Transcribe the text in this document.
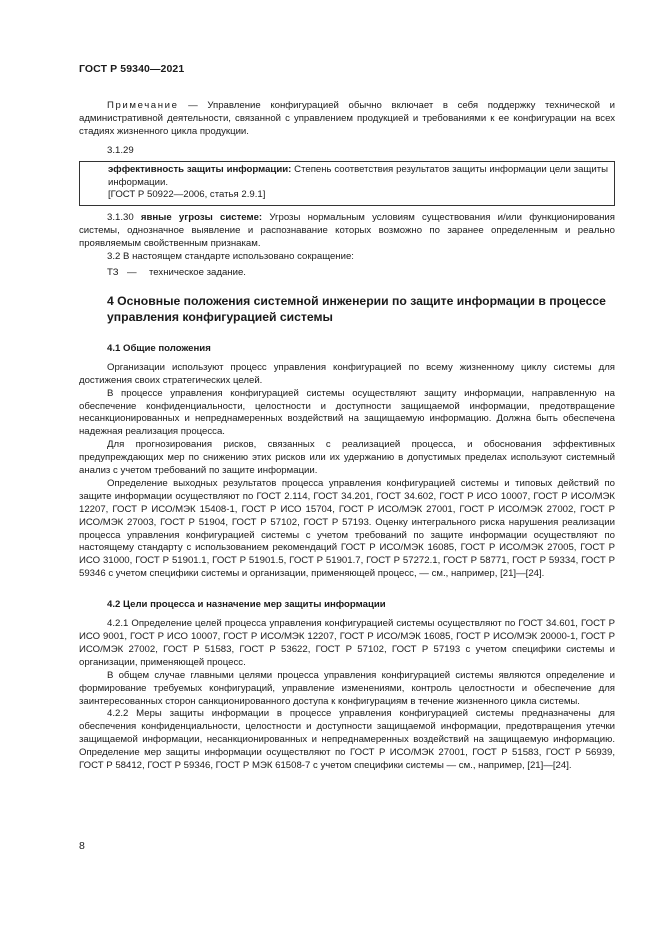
ГОСТ Р 59340—2021

Примечание — Управление конфигурацией обычно включает в себя поддержку технической и административной деятельности, связанной с управлением продукцией и требованиями к ее конфигурации на всех стадиях жизненного цикла продукции.

3.1.29

эффективность защиты информации: Степень соответствия результатов защиты информации цели защиты информации.

[ГОСТ Р 50922—2006, статья 2.9.1]

3.1.30 явные угрозы системе: Угрозы нормальным условиям существования и/или функционирования системы, однозначное выявление и распознавание которых возможно по заранее определенным и реально проявляемым свойственным признакам.

3.2 В настоящем стандарте использовано сокращение:

ТЗ —	техническое задание.

4 Основные положения системной инженерии по защите информации в процессе управления конфигурацией системы

4.1 Общие положения

Организации используют процесс управления конфигурацией по всему жизненному циклу системы для достижения своих стратегических целей.

В процессе управления конфигурацией системы осуществляют защиту информации, направленную на обеспечение конфиденциальности, целостности и доступности защищаемой информации, предотвращение несанкционированных и непреднамеренных воздействий на защищаемую информацию. Должна быть обеспечена надежная реализация процесса.

Для прогнозирования рисков, связанных с реализацией процесса, и обоснования эффективных предупреждающих мер по снижению этих рисков или их удержанию в допустимых пределах используют системный анализ с учетом требований по защите информации.

Определение выходных результатов процесса управления конфигурацией системы и типовых действий по защите информации осуществляют по ГОСТ 2.114, ГОСТ 34.201, ГОСТ 34.602, ГОСТ Р ИСО 10007, ГОСТ Р ИСО/МЭК 12207, ГОСТ Р ИСО/МЭК 15408-1, ГОСТ Р ИСО 15704, ГОСТ Р ИСО/МЭК 27001, ГОСТ Р ИСО/МЭК 27002, ГОСТ Р ИСО/МЭК 27003, ГОСТ Р 51904, ГОСТ Р 57102, ГОСТ Р 57193. Оценку интегрального риска нарушения реализации процесса управления конфигурацией системы с учетом требований по защите информации осуществляют по настоящему стандарту с использованием рекомендаций ГОСТ Р ИСО/МЭК 16085, ГОСТ Р ИСО/МЭК 27005, ГОСТ Р ИСО 31000, ГОСТ Р 51901.1, ГОСТ Р 51901.5, ГОСТ Р 51901.7, ГОСТ Р 57272.1, ГОСТ Р 58771, ГОСТ Р 59334, ГОСТ Р 59346 с учетом специфики системы и организации, применяющей процесс, — см., например, [21]—[24].

4.2 Цели процесса и назначение мер защиты информации

4.2.1 Определение целей процесса управления конфигурацией системы осуществляют по ГОСТ 34.601, ГОСТ Р ИСО 9001, ГОСТ Р ИСО 10007, ГОСТ Р ИСО/МЭК 12207, ГОСТ Р ИСО/МЭК 16085, ГОСТ Р ИСО/МЭК 20000-1, ГОСТ Р ИСО/МЭК 27002, ГОСТ Р 51583, ГОСТ Р 53622, ГОСТ Р 57102, ГОСТ Р 57193 с учетом специфики системы и организации, применяющей процесс.

В общем случае главными целями процесса управления конфигурацией системы являются определение и формирование требуемых конфигураций, управление изменениями, контроль целостности и обеспечение для заинтересованных сторон санкционированного доступа к конфигурациям в течение жизненного цикла системы.

4.2.2 Меры защиты информации в процессе управления конфигурацией системы предназначены для обеспечения конфиденциальности, целостности и доступности защищаемой информации, предотвращения утечки защищаемой информации, несанкционированных и непреднамеренных воздействий на защищаемую информацию. Определение мер защиты информации осуществляют по ГОСТ Р ИСО/МЭК 27001, ГОСТ Р 51583, ГОСТ Р 56939, ГОСТ Р 58412, ГОСТ Р 59346, ГОСТ Р МЭК 61508-7 с учетом специфики системы — см., например, [21]—[24].

8
